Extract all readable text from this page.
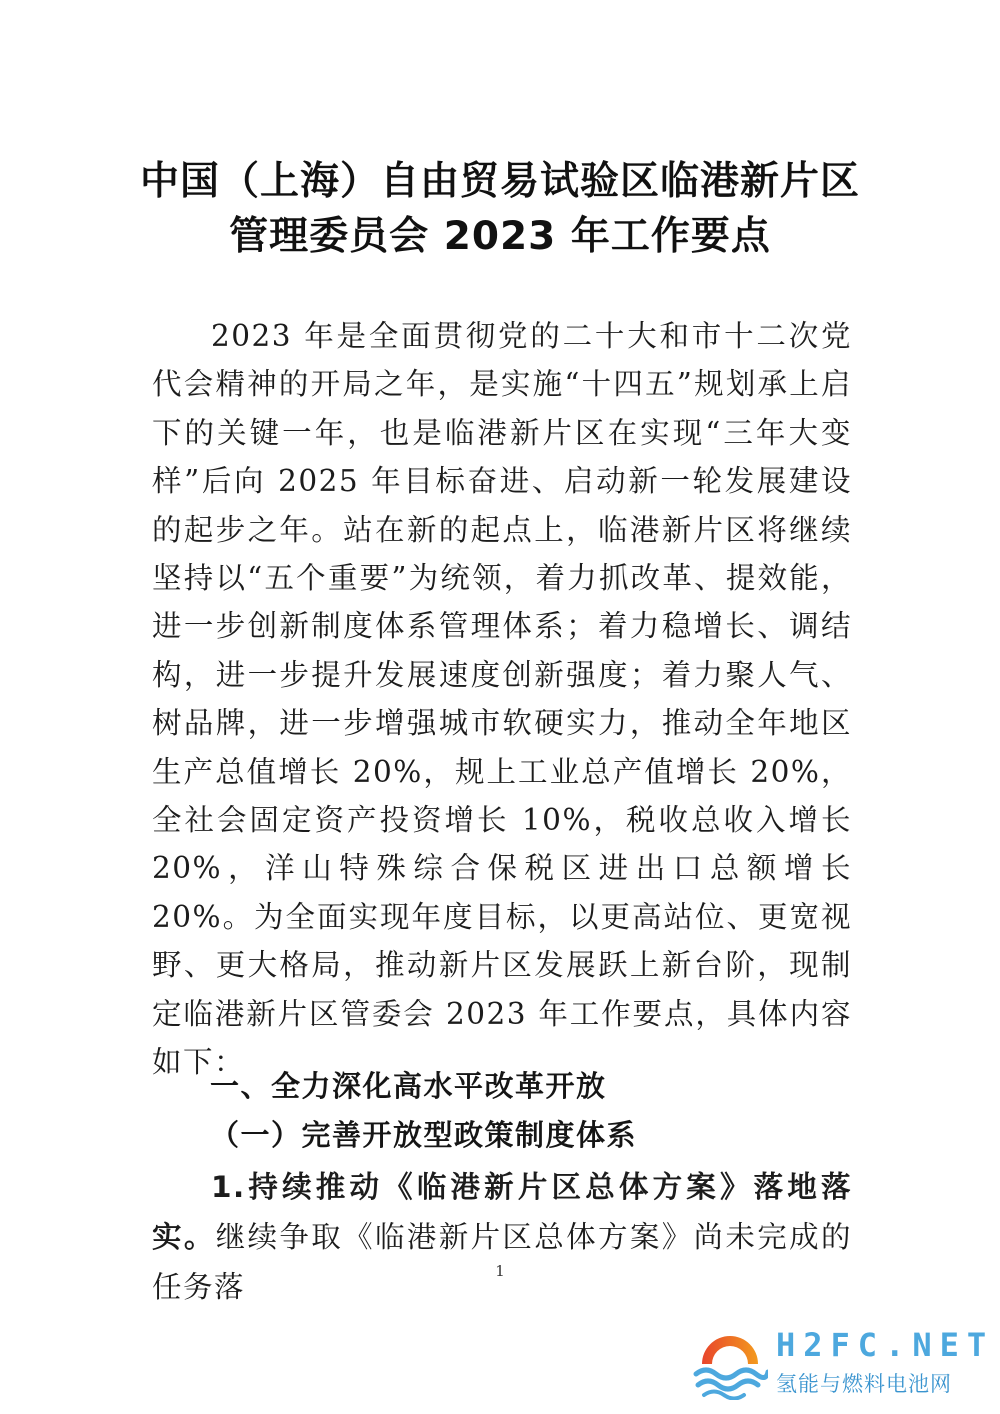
中国（上海）自由贸易试验区临港新片区
管理委员会 2023 年工作要点

2023 年是全面贯彻党的二十大和市十二次党代会精神的开局之年，是实施“十四五”规划承上启下的关键一年，也是临港新片区在实现“三年大变样”后向 2025 年目标奋进、启动新一轮发展建设的起步之年。站在新的起点上，临港新片区将继续坚持以“五个重要”为统领，着力抓改革、提效能，进一步创新制度体系管理体系；着力稳增长、调结构，进一步提升发展速度创新强度；着力聚人气、树品牌，进一步增强城市软硬实力，推动全年地区生产总值增长 20%，规上工业总产值增长 20%，全社会固定资产投资增长 10%，税收总收入增长 20%，洋山特殊综合保税区进出口总额增长 20%。为全面实现年度目标，以更高站位、更宽视野、更大格局，推动新片区发展跃上新台阶，现制定临港新片区管委会 2023 年工作要点，具体内容如下：

一、全力深化高水平改革开放
（一）完善开放型政策制度体系

1.持续推动《临港新片区总体方案》落地落实。继续争取《临港新片区总体方案》尚未完成的任务落	1
H2FC.NET
氢能与燃料电池网
